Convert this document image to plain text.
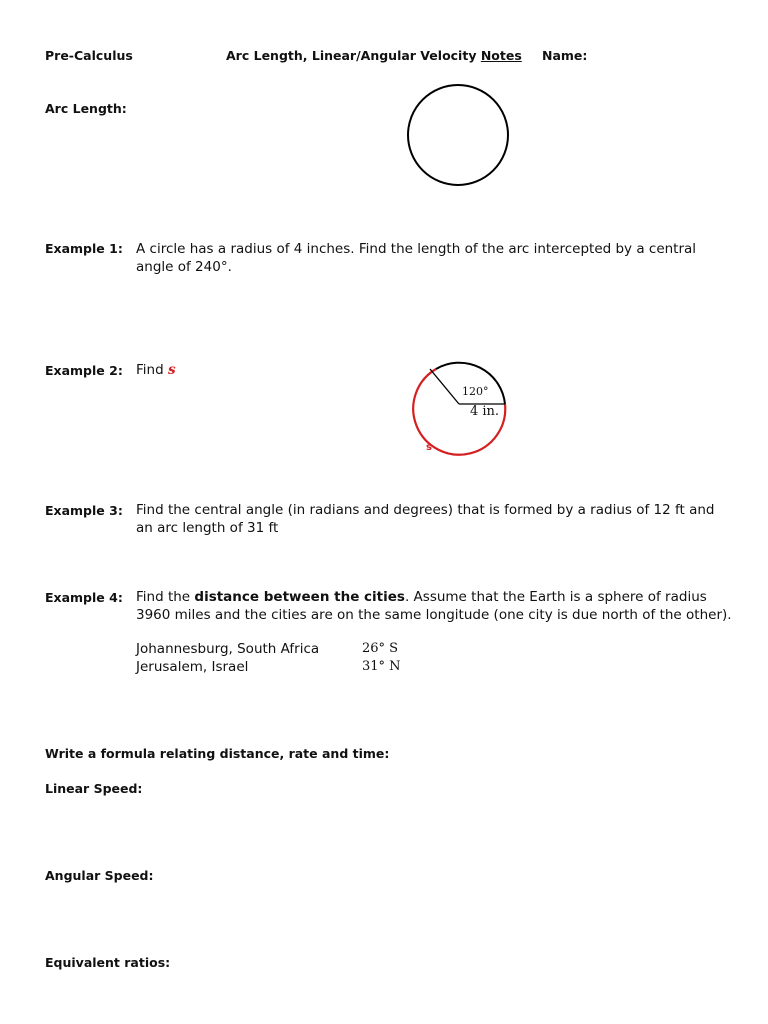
Pre-Calculus	Arc Length, Linear/Angular Velocity Notes Name:
Arc Length:
Example 1: A circle has a radius of 4 inches. Find the length of the arc intercepted by a central
angle of 240°.
Example 2: Find s
120°
4 in.
s
Example 3: Find the central angle (in radians and degrees) that is formed by a radius of 12 ft and
an arc length of 31 ft
Example 4: Find the distance between the cities. Assume that the Earth is a sphere of radius
3960 miles and the cities are on the same longitude (one city is due north of the other).
Johannesburg, South Africa	26° S
Jerusalem, Israel	31° N
Write a formula relating distance, rate and time:
Linear Speed:
Angular Speed:
Equivalent ratios:
